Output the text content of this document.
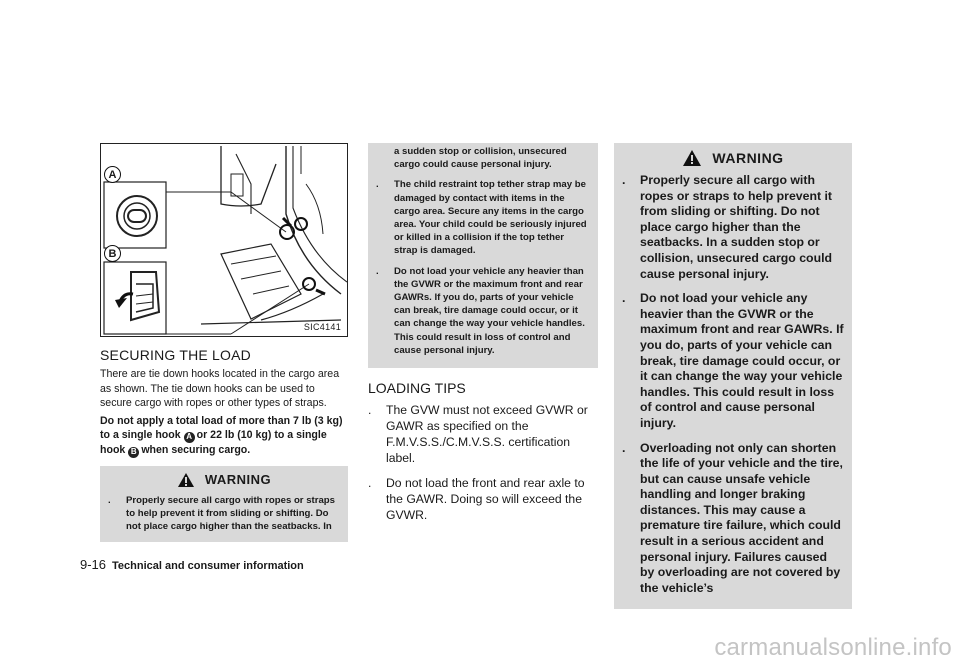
A
B
SIC4141
SECURING THE LOAD

There are tie down hooks located in the cargo area as shown. The tie down hooks can be used to secure cargo with ropes or other types of straps.

Do not apply a total load of more than 7 lb (3 kg) to a single hook A or 22 lb (10 kg) to a single hook B when securing cargo.

WARNING
. Properly secure all cargo with ropes or straps to help prevent it from sliding or shifting. Do not place cargo higher than the seatbacks. In
a sudden stop or collision, unsecured cargo could cause personal injury.
. The child restraint top tether strap may be damaged by contact with items in the cargo area. Secure any items in the cargo area. Your child could be seriously injured or killed in a collision if the top tether strap is damaged.
. Do not load your vehicle any heavier than the GVWR or the maximum front and rear GAWRs. If you do, parts of your vehicle can break, tire damage could occur, or it can change the way your vehicle handles. This could result in loss of control and cause personal injury.
LOADING TIPS
. The GVW must not exceed GVWR or GAWR as specified on the F.M.V.S.S./C.M.V.S.S. certification label.
. Do not load the front and rear axle to the GAWR. Doing so will exceed the GVWR.
WARNING
. Properly secure all cargo with ropes or straps to help prevent it from sliding or shifting. Do not place cargo higher than the seatbacks. In a sudden stop or collision, unsecured cargo could cause personal injury.
. Do not load your vehicle any heavier than the GVWR or the maximum front and rear GAWRs. If you do, parts of your vehicle can break, tire damage could occur, or it can change the way your vehicle handles. This could result in loss of control and cause personal injury.
. Overloading not only can shorten the life of your vehicle and the tire, but can cause unsafe vehicle handling and longer braking distances. This may cause a premature tire failure, which could result in a serious accident and personal injury. Failures caused by overloading are not covered by the vehicle’s
9-16 Technical and consumer information
carmanualsonline.info
